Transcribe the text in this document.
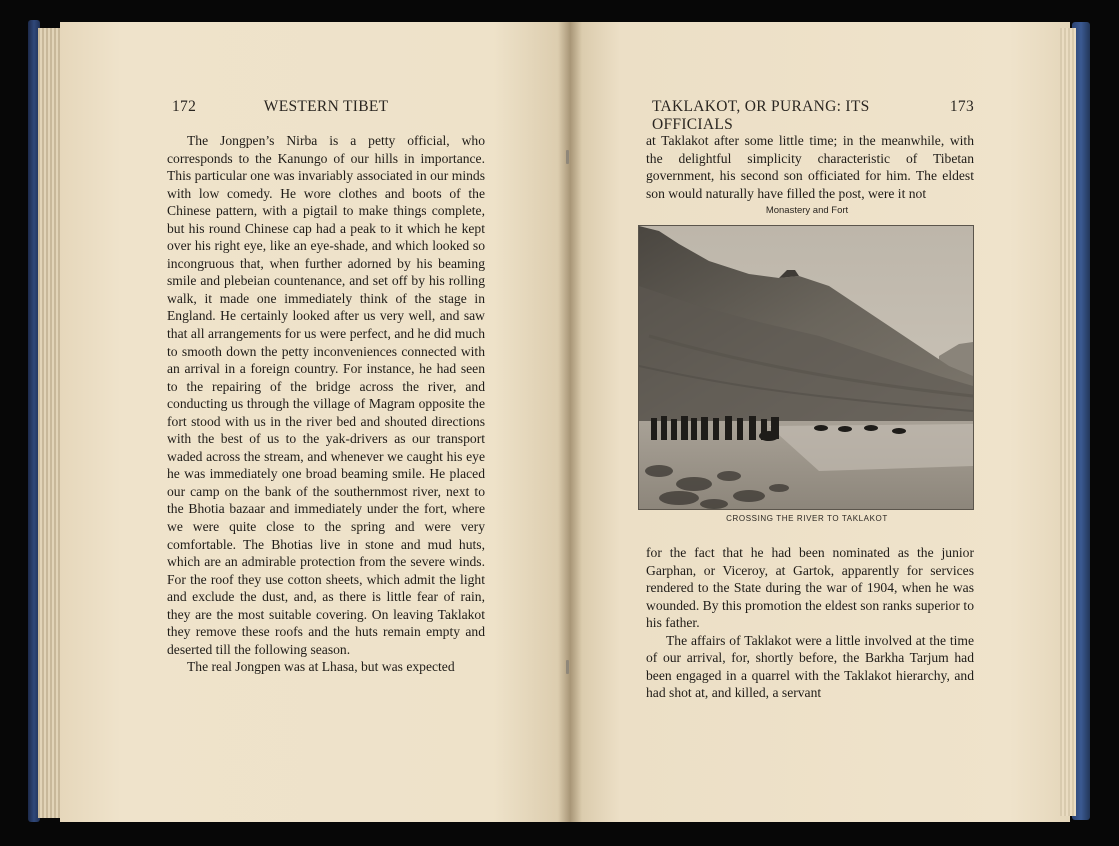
172	WESTERN TIBET

The Jongpen’s Nirba is a petty official, who corresponds to the Kanungo of our hills in importance. This particular one was invariably associated in our minds with low comedy. He wore clothes and boots of the Chinese pattern, with a pigtail to make things complete, but his round Chinese cap had a peak to it which he kept over his right eye, like an eye-shade, and which looked so incongruous that, when further adorned by his beaming smile and plebeian countenance, and set off by his rolling walk, it made one immediately think of the stage in England. He certainly looked after us very well, and saw that all arrangements for us were perfect, and he did much to smooth down the petty inconveniences connected with an arrival in a foreign country. For instance, he had seen to the repairing of the bridge across the river, and conducting us through the village of Magram opposite the fort stood with us in the river bed and shouted directions with the best of us to the yak-drivers as our transport waded across the stream, and whenever we caught his eye he was immediately one broad beaming smile. He placed our camp on the bank of the southernmost river, next to the Bhotia bazaar and immediately under the fort, where we were quite close to the spring and were very comfortable. The Bhotias live in stone and mud huts, which are an admirable protection from the severe winds. For the roof they use cotton sheets, which admit the light and exclude the dust, and, as there is little fear of rain, they are the most suitable covering. On leaving Taklakot they remove these roofs and the huts remain empty and deserted till the following season.

The real Jongpen was at Lhasa, but was expected

TAKLAKOT, OR PURANG: ITS OFFICIALS
173

at Taklakot after some little time; in the meanwhile, with the delightful simplicity characteristic of Tibetan government, his second son officiated for him. The eldest son would naturally have filled the post, were it not

Monastery and Fort
CROSSING THE RIVER TO TAKLAKOT

for the fact that he had been nominated as the junior Garphan, or Viceroy, at Gartok, apparently for services rendered to the State during the war of 1904, when he was wounded. By this promotion the eldest son ranks superior to his father.

The affairs of Taklakot were a little involved at the time of our arrival, for, shortly before, the Barkha Tarjum had been engaged in a quarrel with the Taklakot hierarchy, and had shot at, and killed, a servant
